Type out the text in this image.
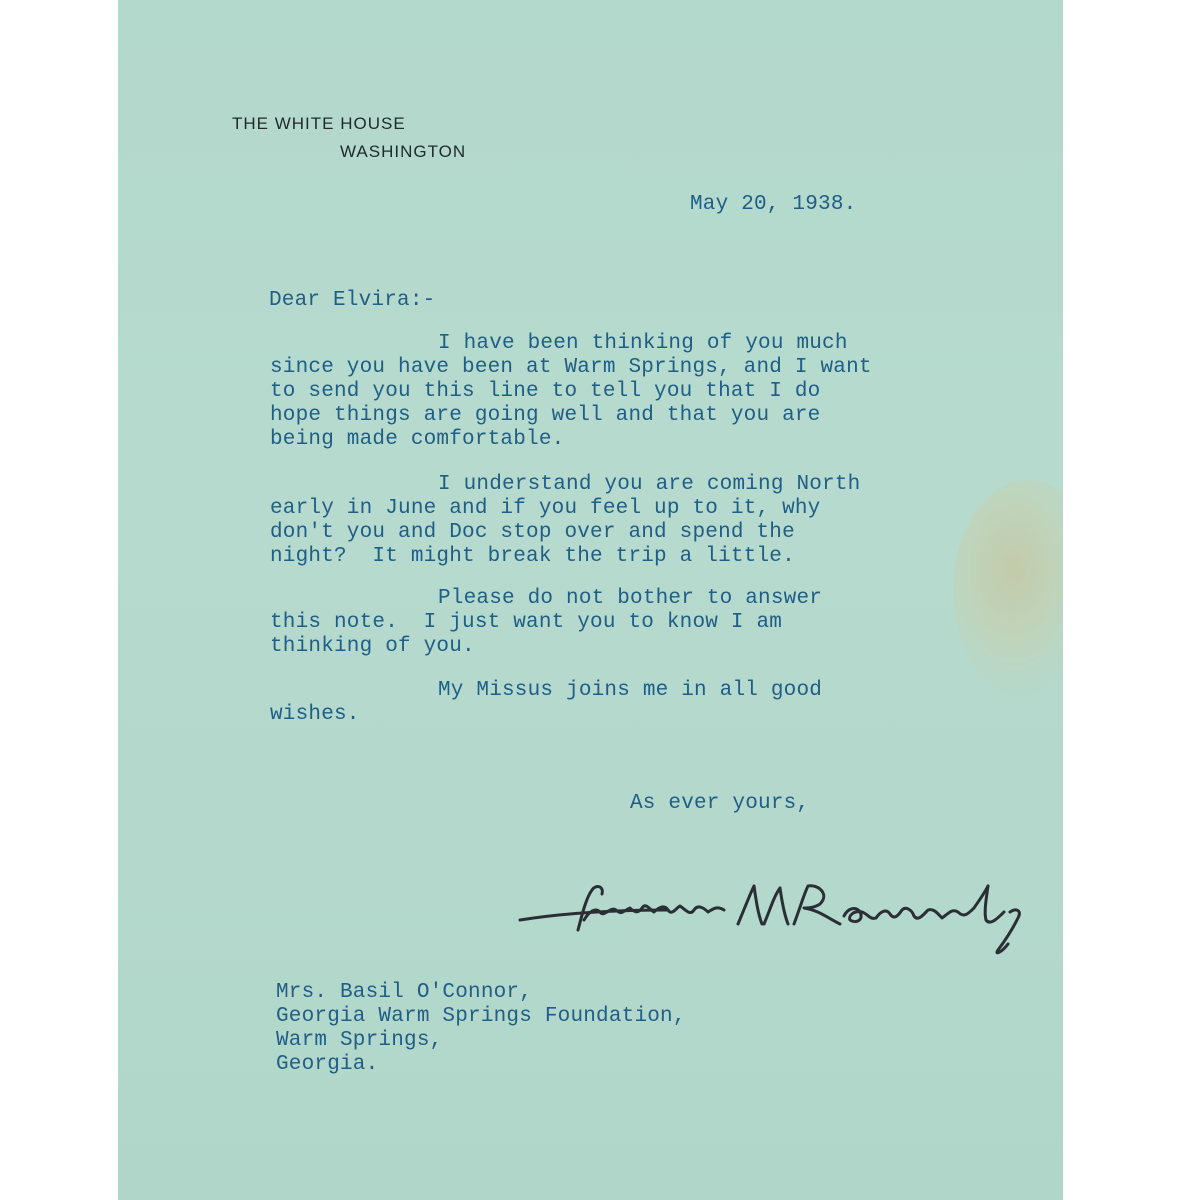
THE WHITE HOUSE
WASHINGTON
May 20, 1938.
Dear Elvira:-
I have been thinking of you much
since you have been at Warm Springs, and I want
to send you this line to tell you that I do
hope things are going well and that you are
being made comfortable.
I understand you are coming North
early in June and if you feel up to it, why
don't you and Doc stop over and spend the
night?  It might break the trip a little.
Please do not bother to answer
this note.  I just want you to know I am
thinking of you.
My Missus joins me in all good
wishes.
As ever yours,
Mrs. Basil O'Connor,
Georgia Warm Springs Foundation,
Warm Springs,
Georgia.
